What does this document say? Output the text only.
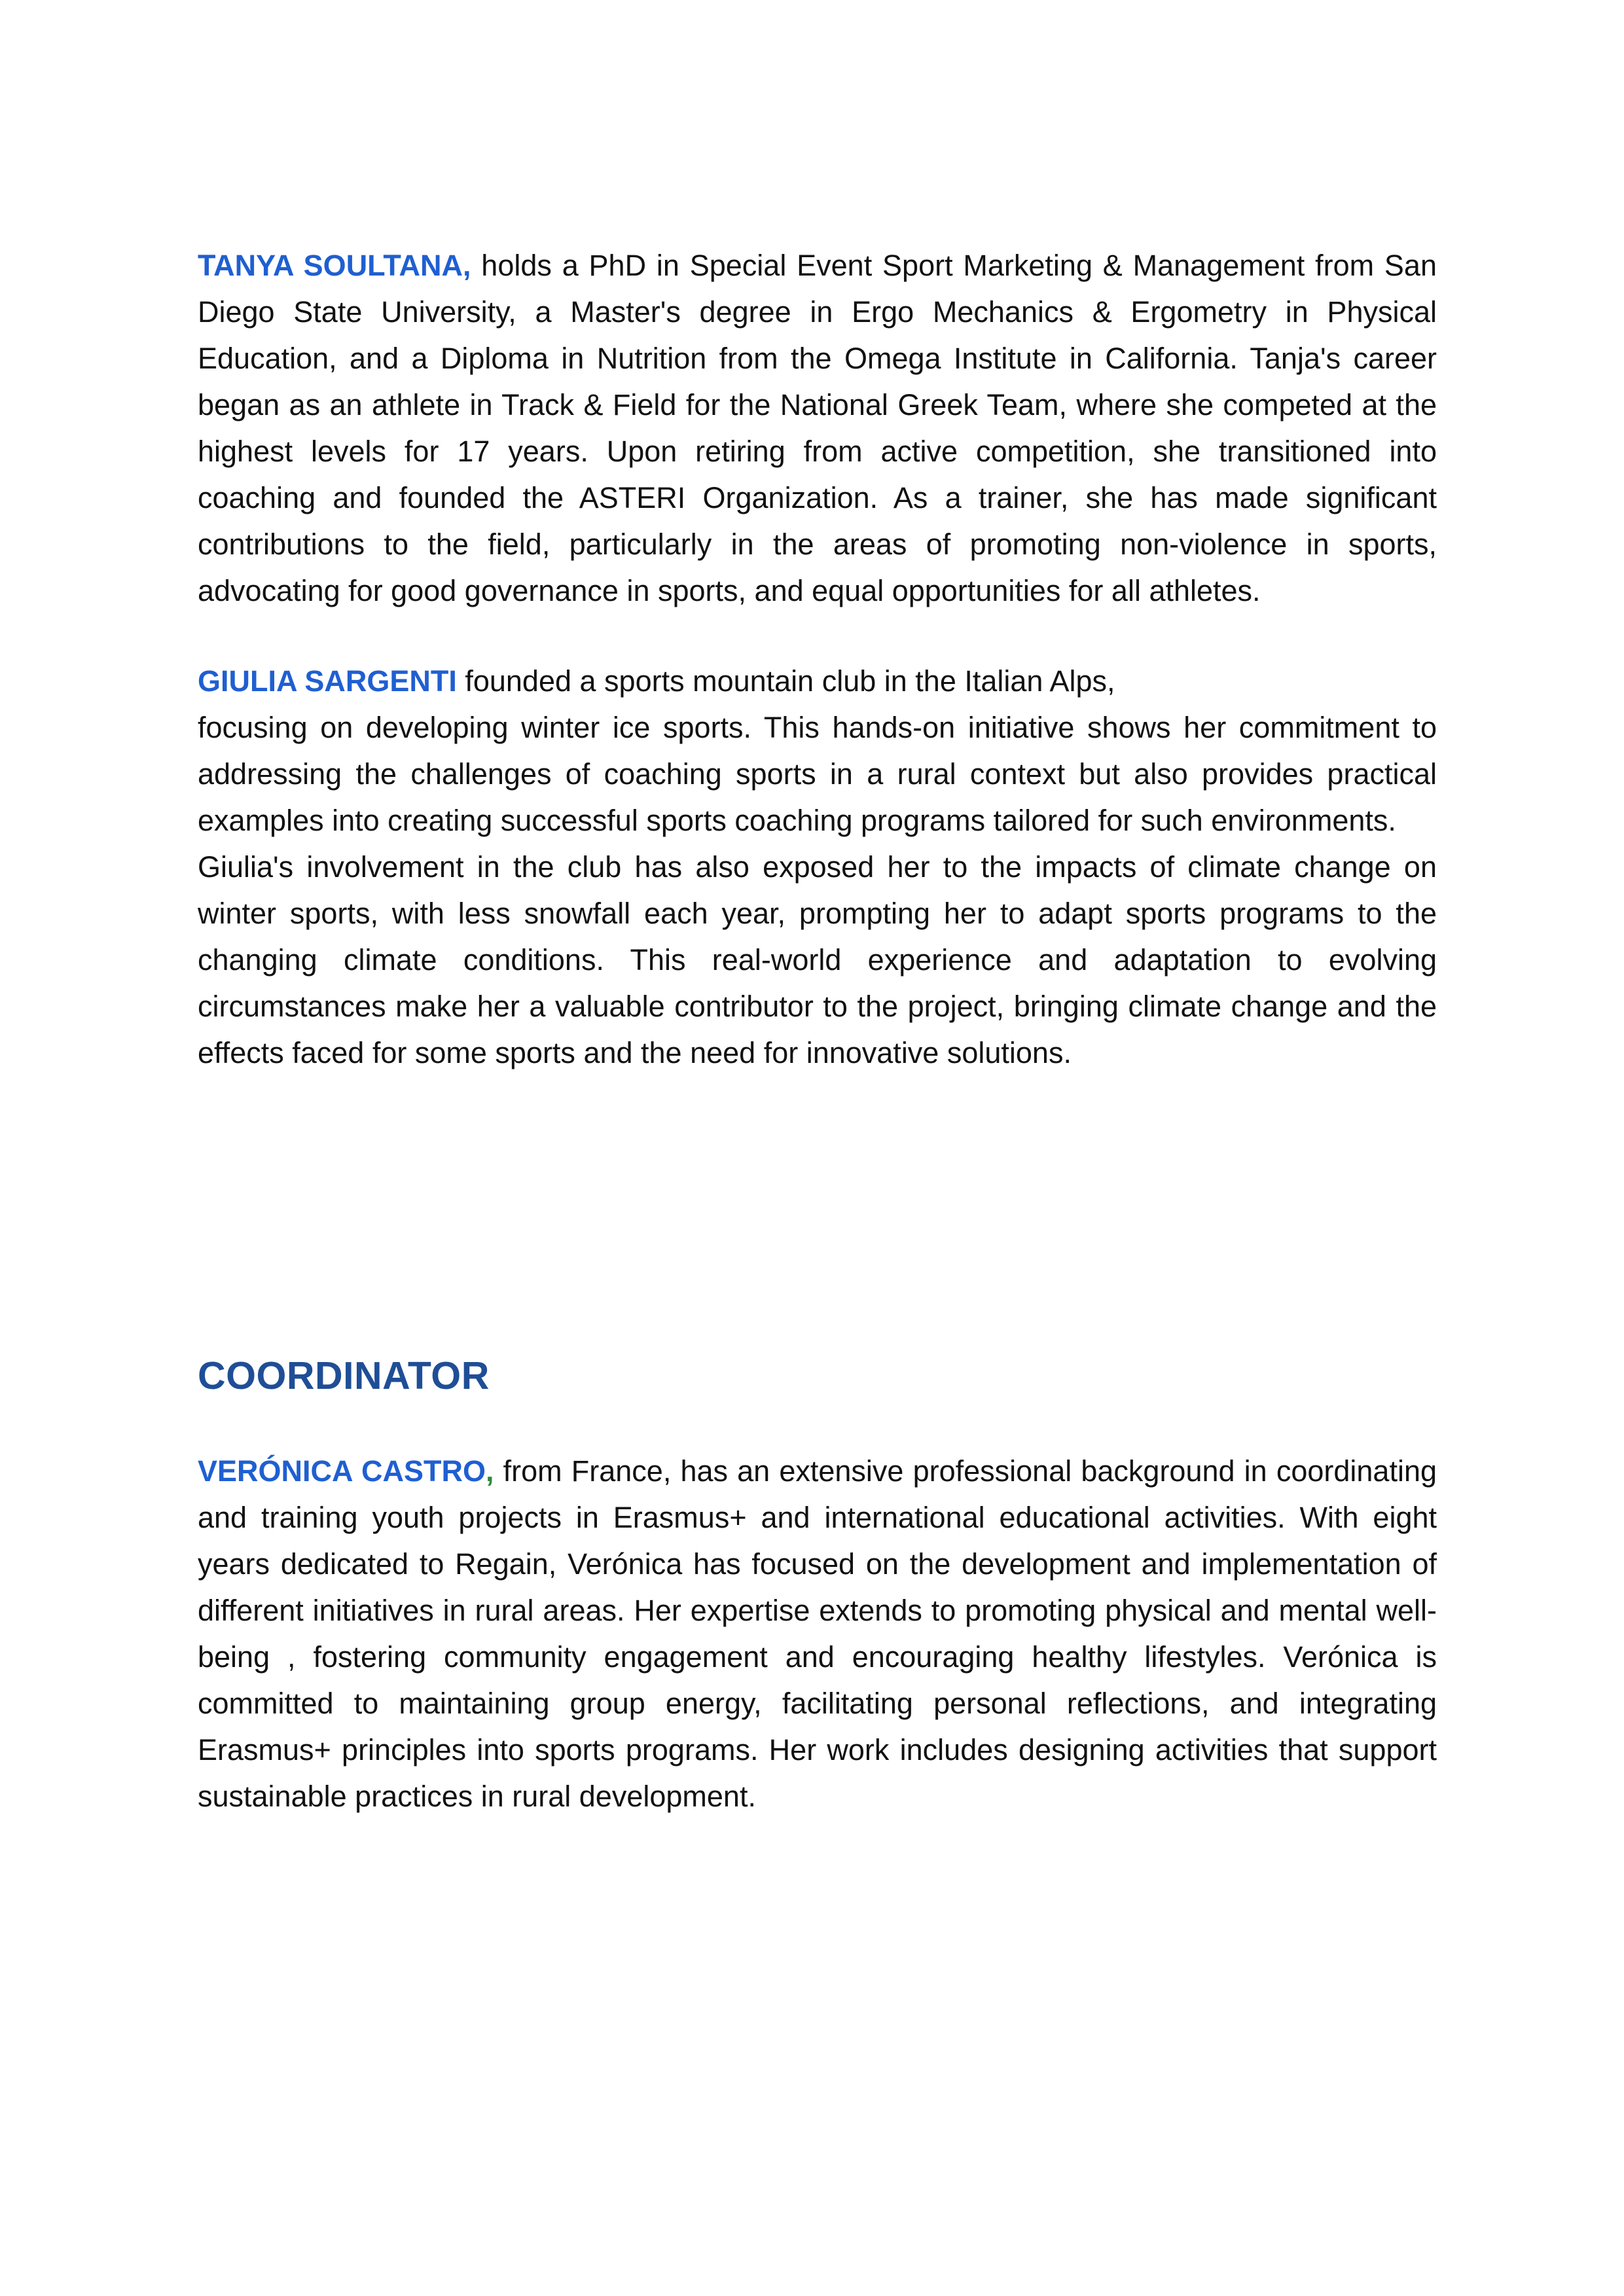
TANYA SOULTANA, holds a PhD in Special Event Sport Marketing & Management from San Diego State University, a Master's degree in Ergo Mechanics & Ergometry in Physical Education, and a Diploma in Nutrition from the Omega Institute in California. Tanja's career began as an athlete in Track & Field for the National Greek Team, where she competed at the highest levels for 17 years. Upon retiring from active competition, she transitioned into coaching and founded the ASTERI Organization. As a trainer, she has made significant contributions to the field, particularly in the areas of promoting non-violence in sports, advocating for good governance in sports, and equal opportunities for all athletes.

GIULIA SARGENTI founded a sports mountain club in the Italian Alps,

focusing on developing winter ice sports. This hands-on initiative shows her commitment to addressing the challenges of coaching sports in a rural context but also provides practical examples into creating successful sports coaching programs tailored for such environments.

Giulia's involvement in the club has also exposed her to the impacts of climate change on winter sports, with less snowfall each year, prompting her to adapt sports programs to the changing climate conditions. This real-world experience and adaptation to evolving circumstances make her a valuable contributor to the project, bringing climate change and the effects faced for some sports and the need for innovative solutions.

COORDINATOR

VERÓNICA CASTRO, from France, has an extensive professional background in coordinating and training youth projects in Erasmus+ and international educational activities. With eight years dedicated to Regain, Verónica has focused on the development and implementation of different initiatives in rural areas. Her expertise extends to promoting physical and mental well-being , fostering community engagement and encouraging healthy lifestyles. Verónica is committed to maintaining group energy, facilitating personal reflections, and integrating Erasmus+ principles into sports programs. Her work includes designing activities that support sustainable practices in rural development.
